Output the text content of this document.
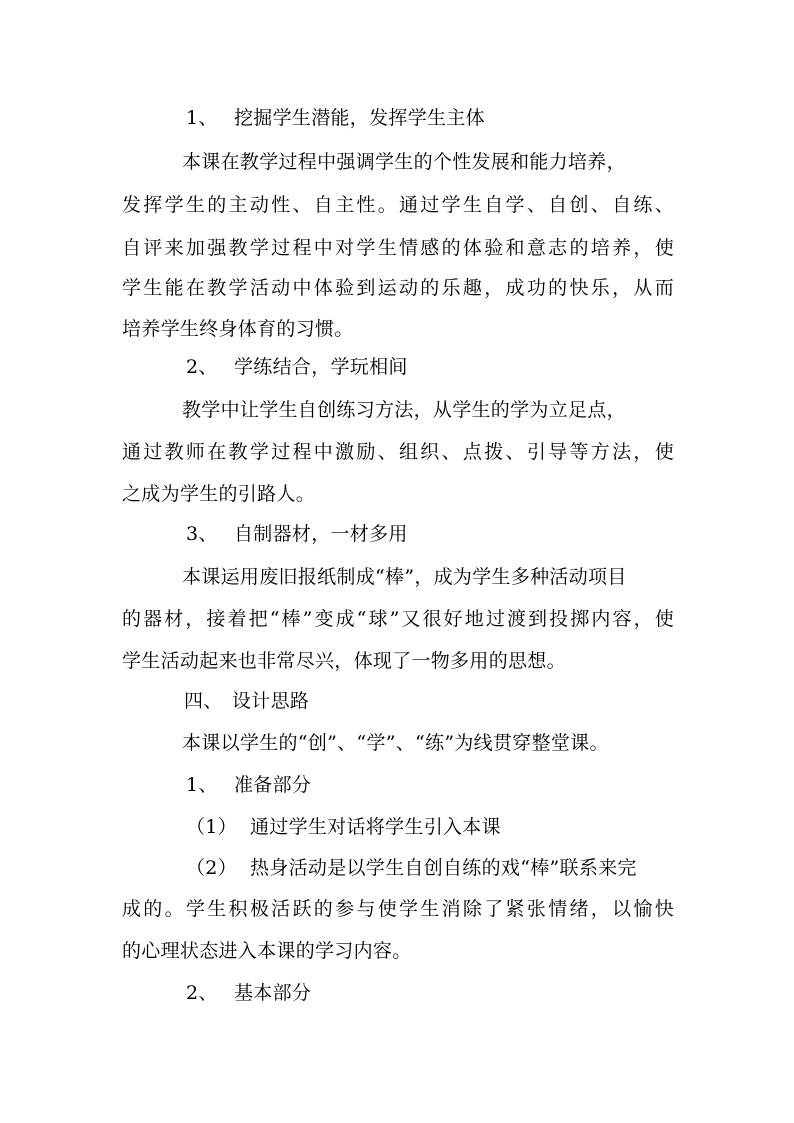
1、 挖掘学生潜能，发挥学生主体
本课在教学过程中强调学生的个性发展和能力培养，
发挥学生的主动性、自主性。通过学生自学、自创、自练、
自评来加强教学过程中对学生情感的体验和意志的培养，使
学生能在教学活动中体验到运动的乐趣，成功的快乐，从而
培养学生终身体育的习惯。
2、 学练结合，学玩相间
教学中让学生自创练习方法，从学生的学为立足点，
通过教师在教学过程中激励、组织、点拨、引导等方法，使
之成为学生的引路人。
3、 自制器材，一材多用
本课运用废旧报纸制成“棒”，成为学生多种活动项目
的器材，接着把“棒”变成“球”又很好地过渡到投掷内容，使
学生活动起来也非常尽兴，体现了一物多用的思想。
四、 设计思路
本课以学生的“创”、“学”、“练”为线贯穿整堂课。
1、 准备部分
（1） 通过学生对话将学生引入本课
（2） 热身活动是以学生自创自练的戏“棒”联系来完
成的。学生积极活跃的参与使学生消除了紧张情绪，以愉快
的心理状态进入本课的学习内容。
2、 基本部分
